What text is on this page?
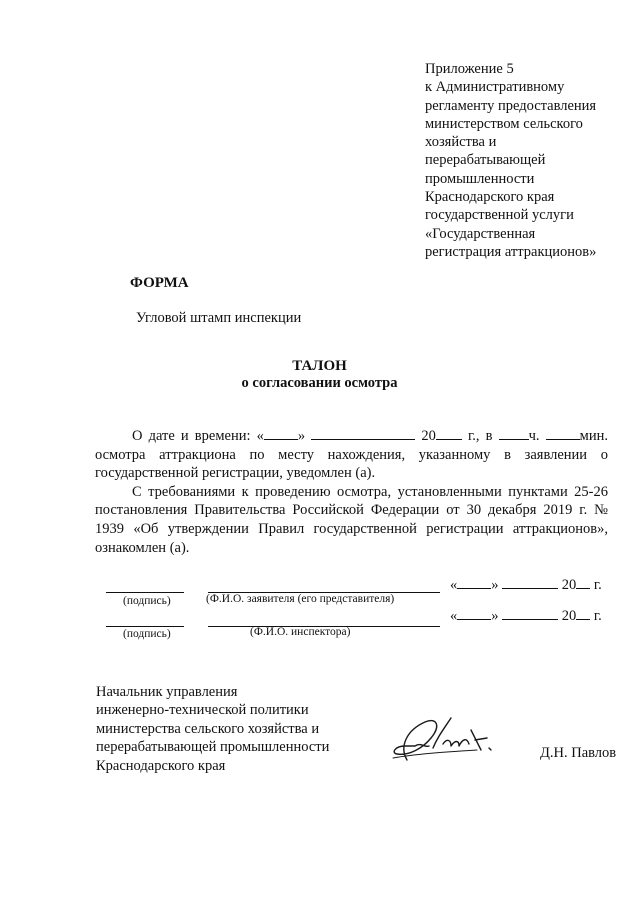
Приложение 5
к Административному
регламенту предоставления
министерством сельского
хозяйства и
перерабатывающей
промышленности
Краснодарского края
государственной услуги
«Государственная
регистрация аттракционов»
ФОРМА
Угловой штамп инспекции
ТАЛОН
о согласовании осмотра

О дате и времени: « »	20 г., в ч. мин. осмотра аттракциона по месту нахождения, указанному в заявлении о государственной регистрации, уведомлен (а).

С требованиями к проведению осмотра, установленными пунктами 25-26 постановления Правительства Российской Федерации от 30 декабря 2019 г. № 1939 «Об утверждении Правил государственной регистрации аттракционов», ознакомлен (а).

« »	20 г.
(подпись)	(Ф.И.О. заявителя (его представителя)
« »	20 г.
(подпись)	(Ф.И.О. инспектора)
Начальник управления
инженерно-технической политики
министерства сельского хозяйства и
перерабатывающей промышленности
Краснодарского края
Д.Н. Павлов
